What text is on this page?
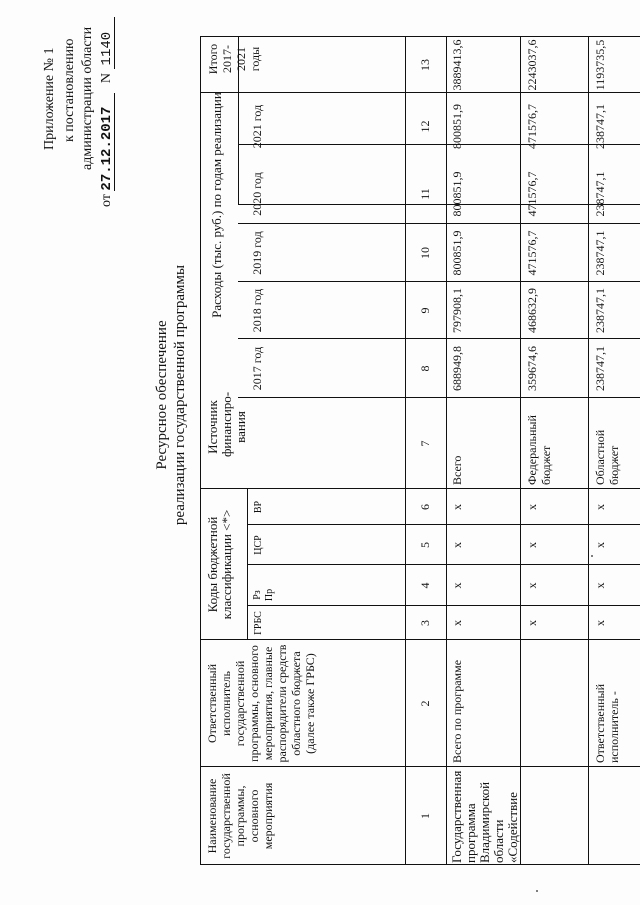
Приложение № 1 к постановлению администрации области
от 27.12.2017 N 1140
Ресурсное обеспечение реализации государственной программы
Наименование государственной программы, основного мероприятия
Ответственный исполнитель государственной программы, основного мероприятия, главные распорядители средств областного бюджета (далее также ГРБС)
Коды бюджетной классификации <*>
ГРБС
Рз Пр
ЦСР
ВР
Источник финансиро-вания
Расходы (тыс. руб.) по годам реализации
2017 год
2018 год
2019 год
2020 год
2021 год
Итого 2017-2021 годы
1
2
3
4
5
6
7
8
9
10
11
12
13
Государственная программа Владимирской области «Содействие
Всего по программе
x
x
x
x
Всего
688949,8
797908,1
800851,9
800851,9
800851,9
3889413,6
x
x
x
x
Федеральный бюджет
359674,6
468632,9
471576,7
471576,7
471576,7
2243037,6
Ответственный исполнитель -
x
x
x
x
Областной бюджет
238747,1
238747,1
238747,1
238747,1
238747,1
1193735,5
